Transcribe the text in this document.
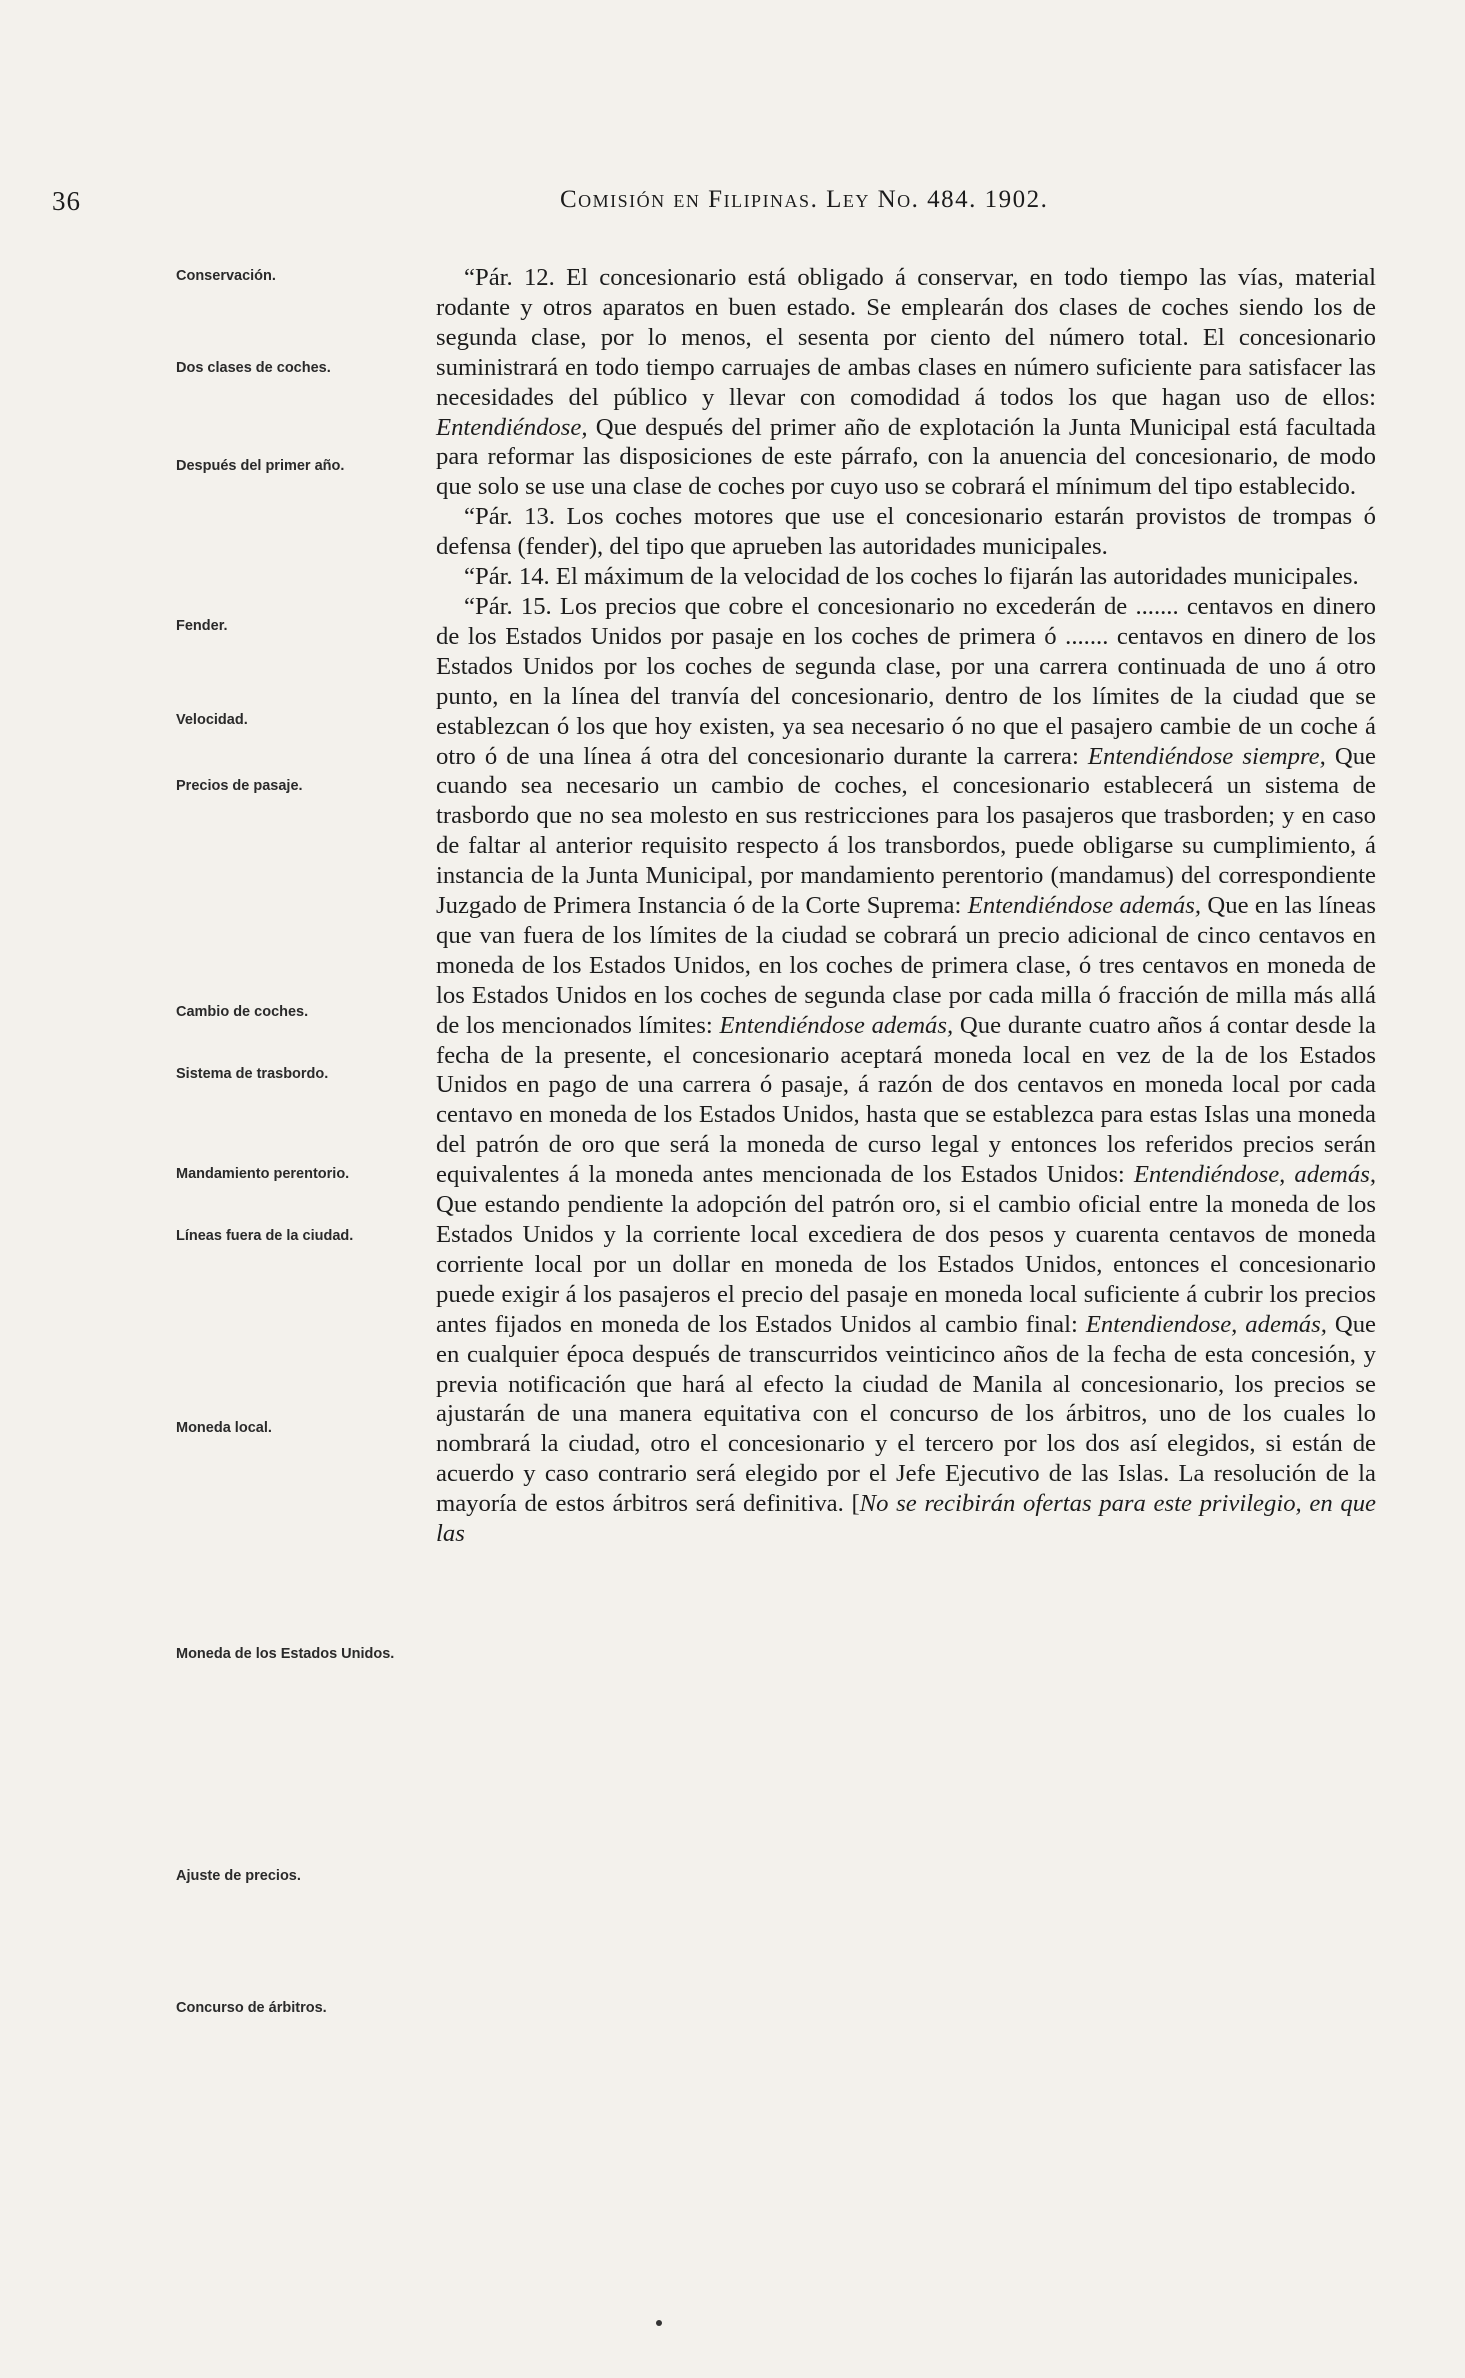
36	Comisión en Filipinas. Ley No. 484. 1902.
Conservación.
Dos clases de coches.
Después del primer año.
Fender.
Velocidad.
Precios de pasaje.
Cambio de coches.
Sistema de trasbordo.
Mandamiento perentorio.
Líneas fuera de la ciudad.
Moneda local.
Moneda de los Estados Unidos.
Ajuste de precios.
Concurso de árbitros.

“Pár. 12. El concesionario está obligado á conservar, en todo tiempo las vías, material rodante y otros aparatos en buen estado. Se emplearán dos clases de coches siendo los de segunda clase, por lo menos, el sesenta por ciento del número total. El concesionario suministrará en todo tiempo carruajes de ambas clases en número suficiente para satisfacer las necesidades del público y llevar con comodidad á todos los que hagan uso de ellos: Entendiéndose, Que después del primer año de explotación la Junta Municipal está facultada para reformar las disposiciones de este párrafo, con la anuencia del concesionario, de modo que solo se use una clase de coches por cuyo uso se cobrará el mínimum del tipo establecido.

“Pár. 13. Los coches motores que use el concesionario estarán provistos de trompas ó defensa (fender), del tipo que aprueben las autoridades municipales.

“Pár. 14. El máximum de la velocidad de los coches lo fijarán las autoridades municipales.

“Pár. 15. Los precios que cobre el concesionario no excederán de ....... centavos en dinero de los Estados Unidos por pasaje en los coches de primera ó ....... centavos en dinero de los Estados Unidos por los coches de segunda clase, por una carrera continuada de uno á otro punto, en la línea del tranvía del concesionario, dentro de los límites de la ciudad que se establezcan ó los que hoy existen, ya sea necesario ó no que el pasajero cambie de un coche á otro ó de una línea á otra del concesionario durante la carrera: Entendiéndose siempre, Que cuando sea necesario un cambio de coches, el concesionario establecerá un sistema de trasbordo que no sea molesto en sus restricciones para los pasajeros que trasborden; y en caso de faltar al anterior requisito respecto á los transbordos, puede obligarse su cumplimiento, á instancia de la Junta Municipal, por mandamiento perentorio (mandamus) del correspondiente Juzgado de Primera Instancia ó de la Corte Suprema: Entendiéndose además, Que en las líneas que van fuera de los límites de la ciudad se cobrará un precio adicional de cinco centavos en moneda de los Estados Unidos, en los coches de primera clase, ó tres centavos en moneda de los Estados Unidos en los coches de segunda clase por cada milla ó fracción de milla más allá de los mencionados límites: Entendiéndose además, Que durante cuatro años á contar desde la fecha de la presente, el concesionario aceptará moneda local en vez de la de los Estados Unidos en pago de una carrera ó pasaje, á razón de dos centavos en moneda local por cada centavo en moneda de los Estados Unidos, hasta que se establezca para estas Islas una moneda del patrón de oro que será la moneda de curso legal y entonces los referidos precios serán equivalentes á la moneda antes mencionada de los Estados Unidos: Entendiéndose, además, Que estando pendiente la adopción del patrón oro, si el cambio oficial entre la moneda de los Estados Unidos y la corriente local excediera de dos pesos y cuarenta centavos de moneda corriente local por un dollar en moneda de los Estados Unidos, entonces el concesionario puede exigir á los pasajeros el precio del pasaje en moneda local suficiente á cubrir los precios antes fijados en moneda de los Estados Unidos al cambio final: Entendiendose, además, Que en cualquier época después de transcurridos veinticinco años de la fecha de esta concesión, y previa notificación que hará al efecto la ciudad de Manila al concesionario, los precios se ajustarán de una manera equitativa con el concurso de los árbitros, uno de los cuales lo nombrará la ciudad, otro el concesionario y el tercero por los dos así elegidos, si están de acuerdo y caso contrario será elegido por el Jefe Ejecutivo de las Islas. La resolución de la mayoría de estos árbitros será definitiva. [No se recibirán ofertas para este privilegio, en que las
